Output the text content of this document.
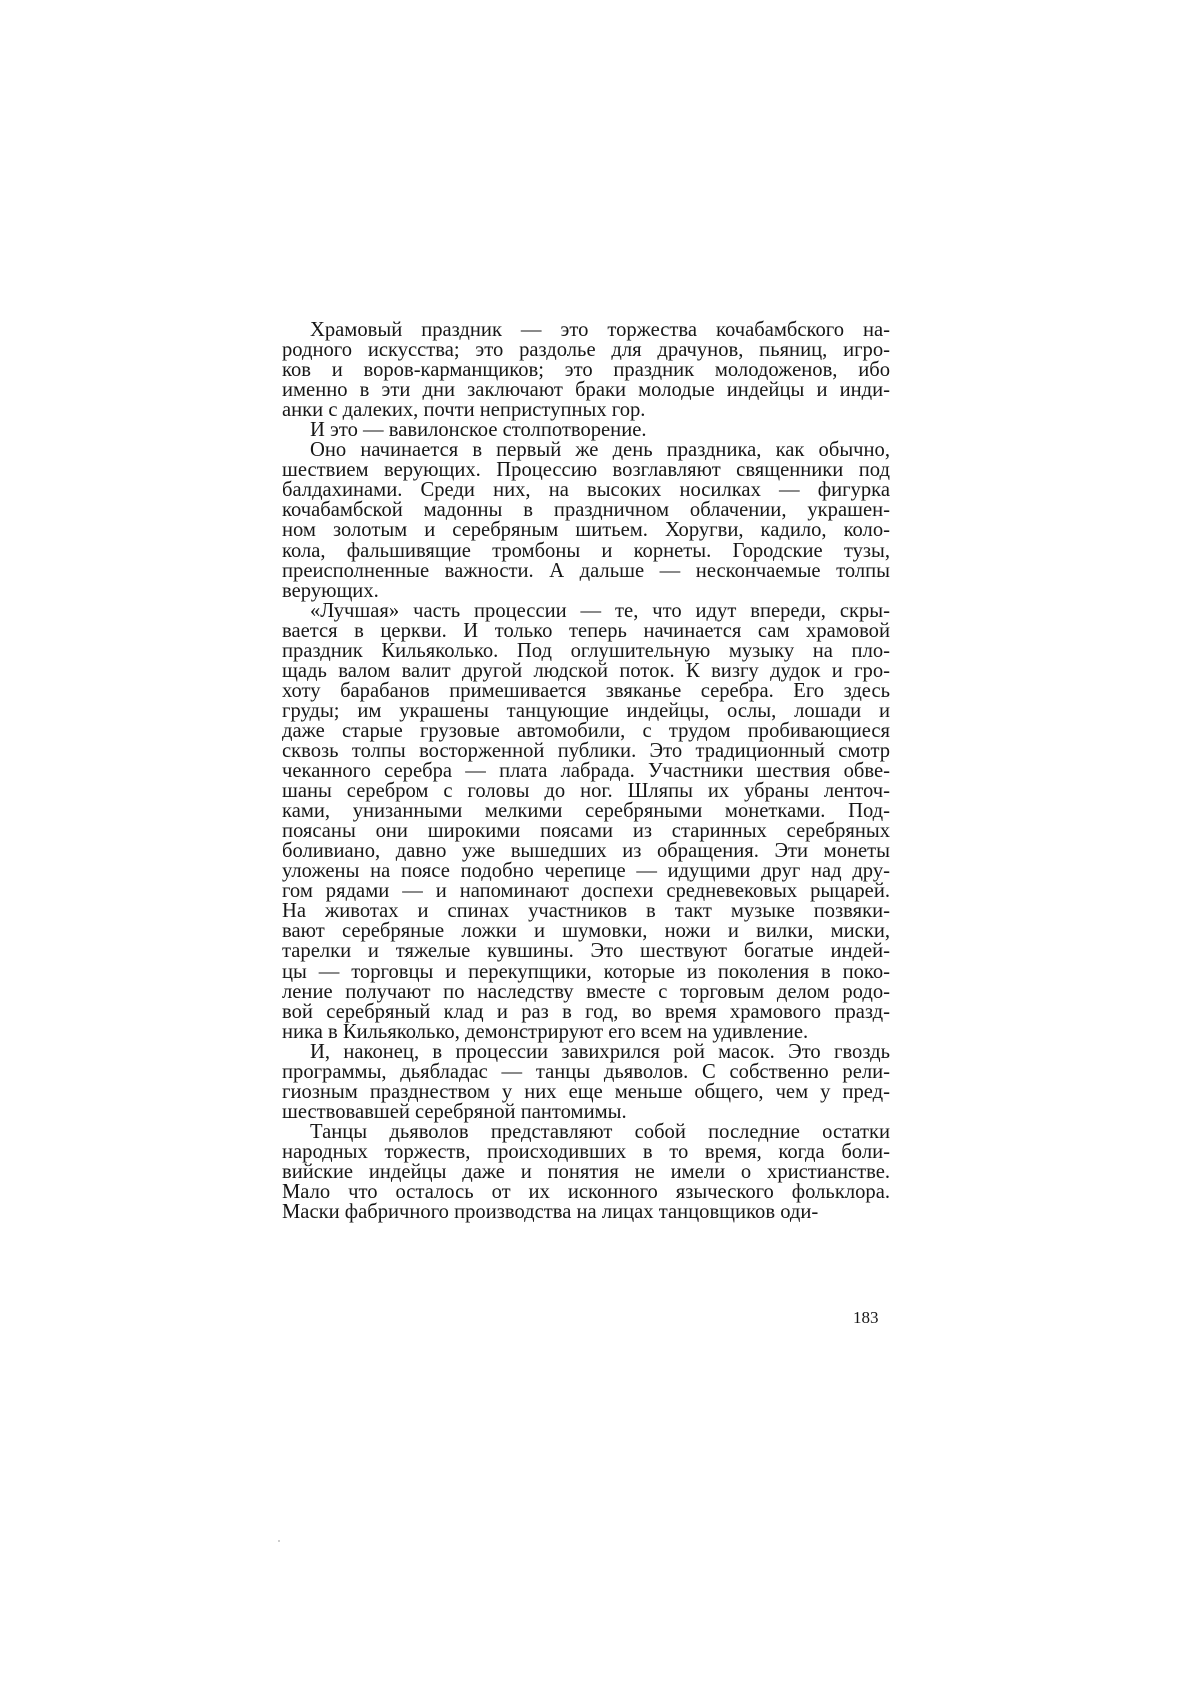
Храмовый праздник — это торжества кочабамбского на-
родного искусства; это раздолье для драчунов, пьяниц, игро-
ков и воров-карманщиков; это праздник молодоженов, ибо
именно в эти дни заключают браки молодые индейцы и инди-
анки с далеких, почти неприступных гор.
И это — вавилонское столпотворение.
Оно начинается в первый же день праздника, как обычно,
шествием верующих. Процессию возглавляют священники под
балдахинами. Среди них, на высоких носилках — фигурка
кочабамбской мадонны в праздничном облачении, украшен-
ном золотым и серебряным шитьем. Хоругви, кадило, коло-
кола, фальшивящие тромбоны и корнеты. Городские тузы,
преисполненные важности. А дальше — нескончаемые толпы
верующих.
«Лучшая» часть процессии — те, что идут впереди, скры-
вается в церкви. И только теперь начинается сам храмовой
праздник Кильяколько. Под оглушительную музыку на пло-
щадь валом валит другой людской поток. К визгу дудок и гро-
хоту барабанов примешивается звяканье серебра. Его здесь
груды; им украшены танцующие индейцы, ослы, лошади и
даже старые грузовые автомобили, с трудом пробивающиеся
сквозь толпы восторженной публики. Это традиционный смотр
чеканного серебра — плата лабрада. Участники шествия обве-
шаны серебром с головы до ног. Шляпы их убраны ленточ-
ками, унизанными мелкими серебряными монетками. Под-
поясаны они широкими поясами из старинных серебряных
боливиано, давно уже вышедших из обращения. Эти монеты
уложены на поясе подобно черепице — идущими друг над дру-
гом рядами — и напоминают доспехи средневековых рыцарей.
На животах и спинах участников в такт музыке позвяки-
вают серебряные ложки и шумовки, ножи и вилки, миски,
тарелки и тяжелые кувшины. Это шествуют богатые индей-
цы — торговцы и перекупщики, которые из поколения в поко-
ление получают по наследству вместе с торговым делом родо-
вой серебряный клад и раз в год, во время храмового празд-
ника в Кильяколько, демонстрируют его всем на удивление.
И, наконец, в процессии завихрился рой масок. Это гвоздь
программы, дьябладас — танцы дьяволов. С собственно рели-
гиозным празднеством у них еще меньше общего, чем у пред-
шествовавшей серебряной пантомимы.
Танцы дьяволов представляют собой последние остатки
народных торжеств, происходивших в то время, когда боли-
вийские индейцы даже и понятия не имели о христианстве.
Мало что осталось от их исконного языческого фольклора.
Маски фабричного производства на лицах танцовщиков оди-
183
